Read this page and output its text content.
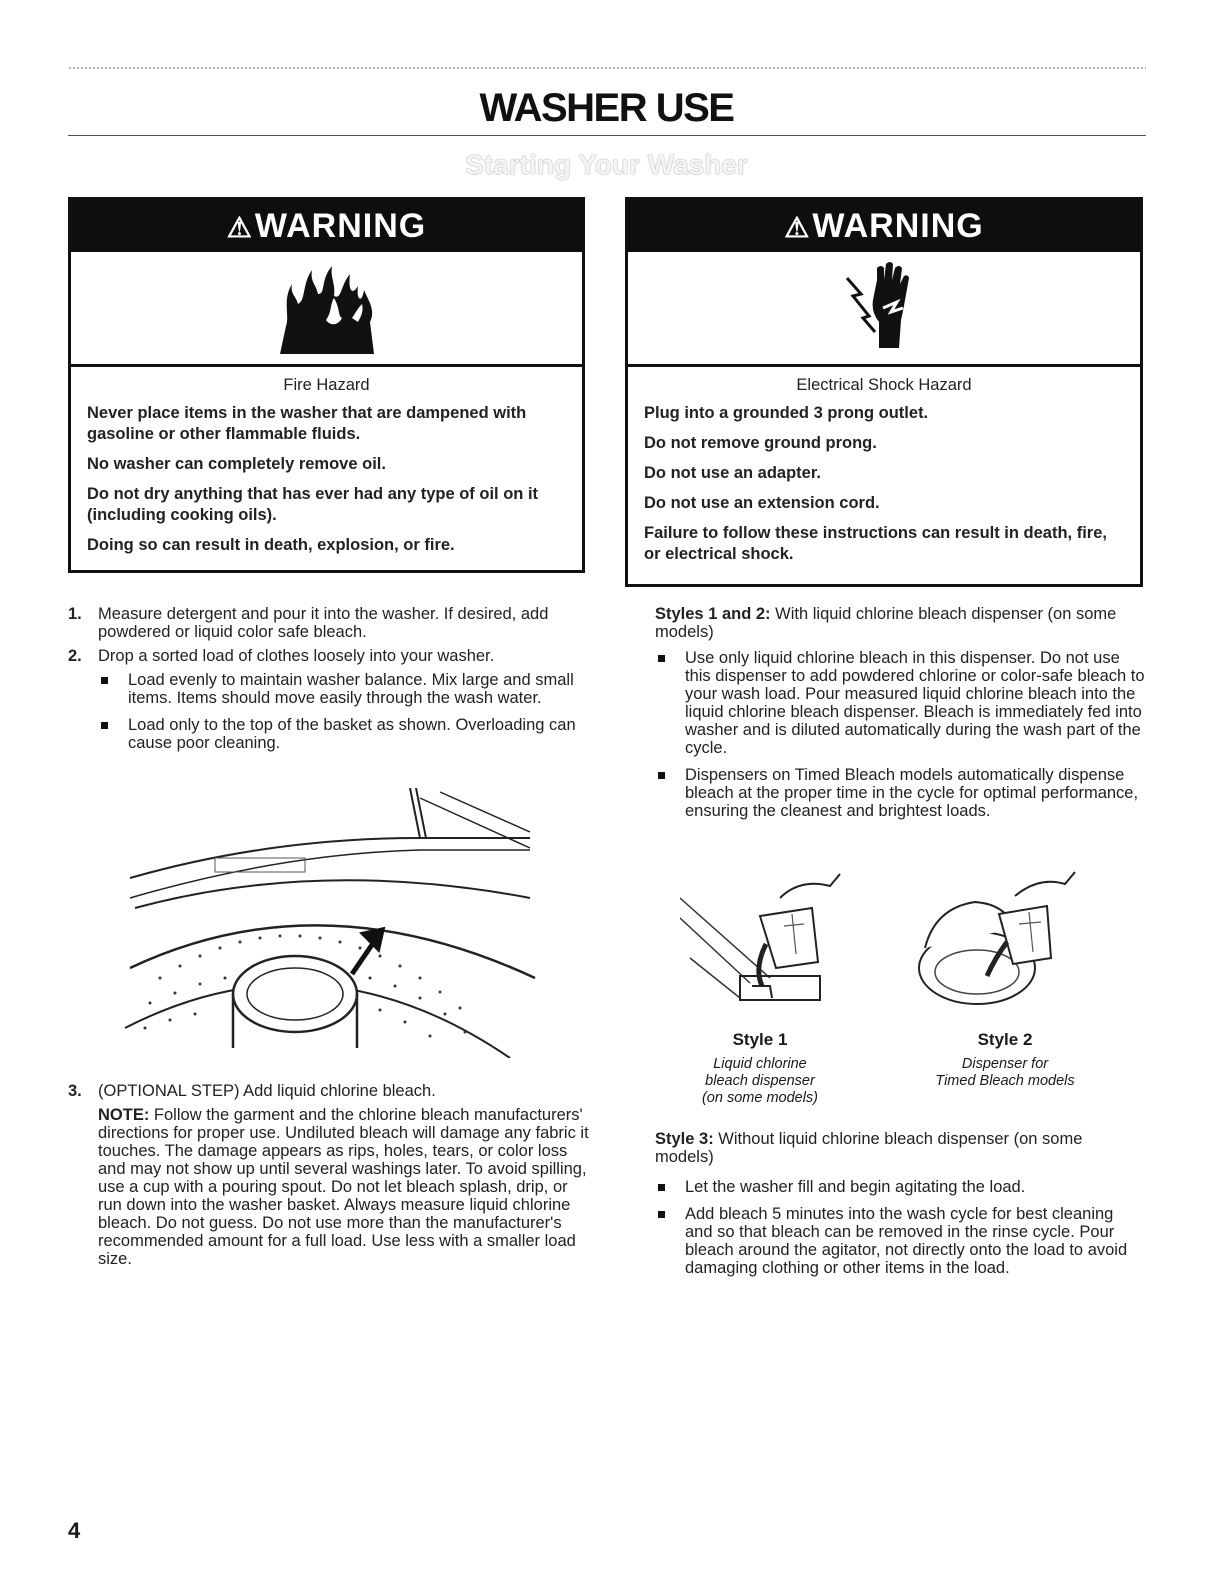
WASHER USE
Starting Your Washer
⚠WARNING
Fire Hazard

Never place items in the washer that are dampened with gasoline or other flammable fluids.

No washer can completely remove oil.

Do not dry anything that has ever had any type of oil on it (including cooking oils).

Doing so can result in death, explosion, or fire.

⚠WARNING
Electrical Shock Hazard

Plug into a grounded 3 prong outlet.

Do not remove ground prong.

Do not use an adapter.

Do not use an extension cord.

Failure to follow these instructions can result in death, fire, or electrical shock.

1. Measure detergent and pour it into the washer. If desired, add powdered or liquid color safe bleach.
2. Drop a sorted load of clothes loosely into your washer.
Load evenly to maintain washer balance. Mix large and small items. Items should move easily through the wash water.
Load only to the top of the basket as shown. Overloading can cause poor cleaning.
3. (OPTIONAL STEP) Add liquid chlorine bleach.
NOTE: Follow the garment and the chlorine bleach manufacturers' directions for proper use. Undiluted bleach will damage any fabric it touches. The damage appears as rips, holes, tears, or color loss and may not show up until several washings later. To avoid spilling, use a cup with a pouring spout. Do not let bleach splash, drip, or run down into the washer basket. Always measure liquid chlorine bleach. Do not guess. Do not use more than the manufacturer's recommended amount for a full load. Use less with a smaller load size.
Styles 1 and 2: With liquid chlorine bleach dispenser (on some models)
Use only liquid chlorine bleach in this dispenser. Do not use this dispenser to add powdered chlorine or color-safe bleach to your wash load. Pour measured liquid chlorine bleach into the liquid chlorine bleach dispenser. Bleach is immediately fed into washer and is diluted automatically during the wash part of the cycle.
Dispensers on Timed Bleach models automatically dispense bleach at the proper time in the cycle for optimal performance, ensuring the cleanest and brightest loads.
Style 1
Liquid chlorine
bleach dispenser
(on some models)
Style 2
Dispenser for
Timed Bleach models
Style 3: Without liquid chlorine bleach dispenser (on some models)
Let the washer fill and begin agitating the load.
Add bleach 5 minutes into the wash cycle for best cleaning and so that bleach can be removed in the rinse cycle. Pour bleach around the agitator, not directly onto the load to avoid damaging clothing or other items in the load.
4
